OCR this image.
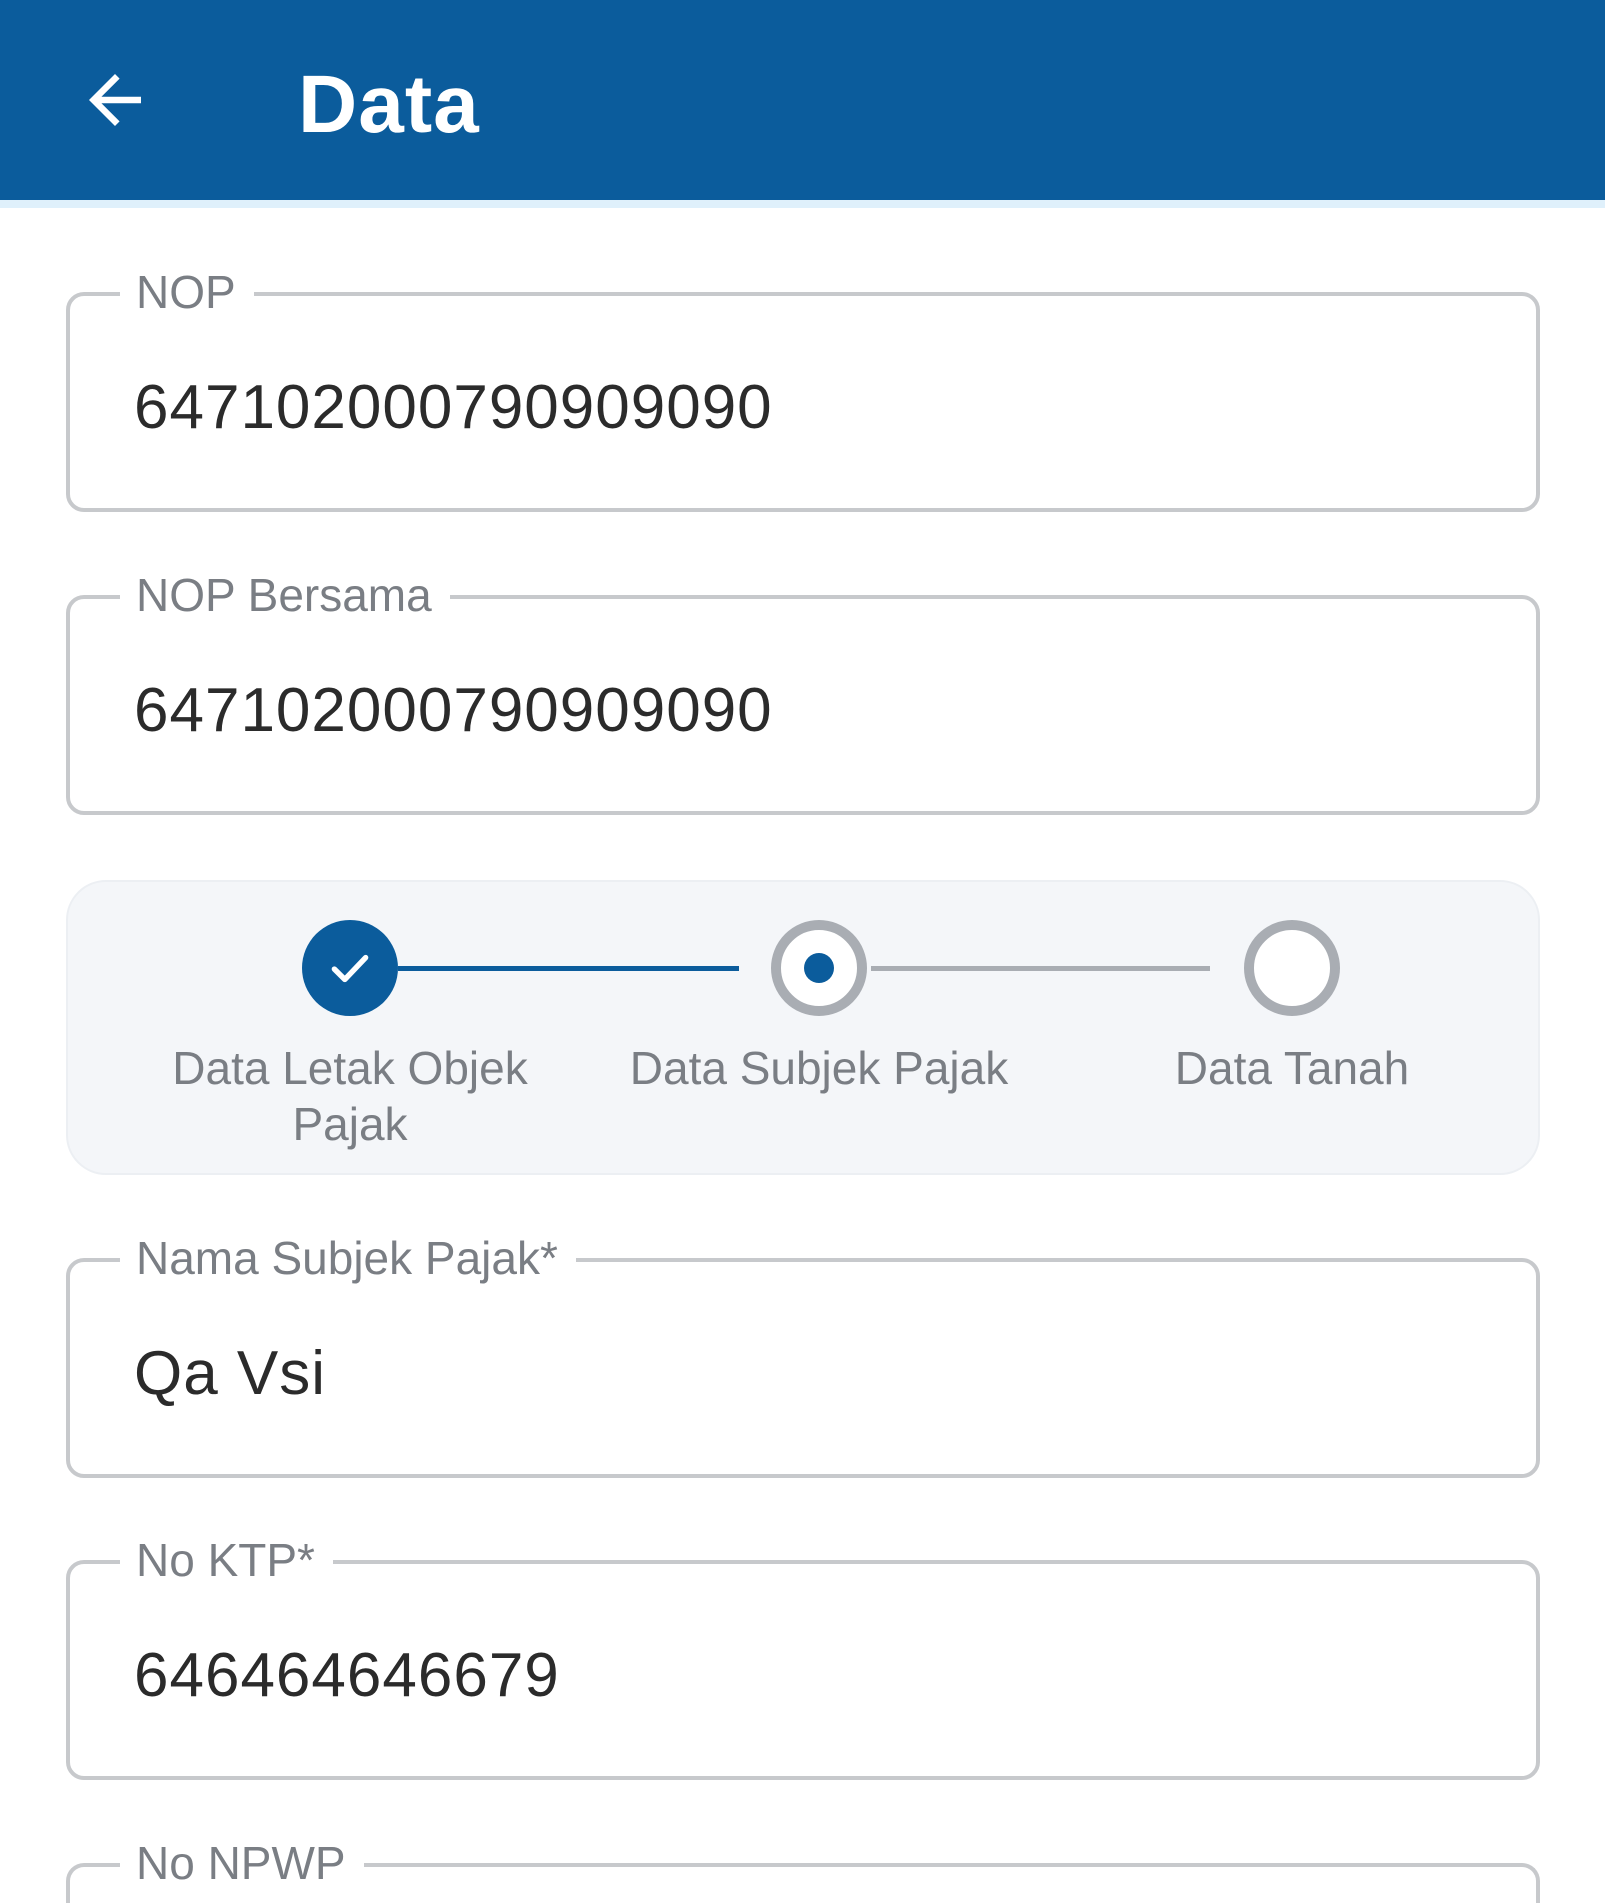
Data
NOP
647102000790909090
NOP Bersama
647102000790909090
Data Letak Objek Pajak
Data Subjek Pajak	Data Tanah
Nama Subjek Pajak*
Qa Vsi
No KTP*
646464646679
No NPWP
